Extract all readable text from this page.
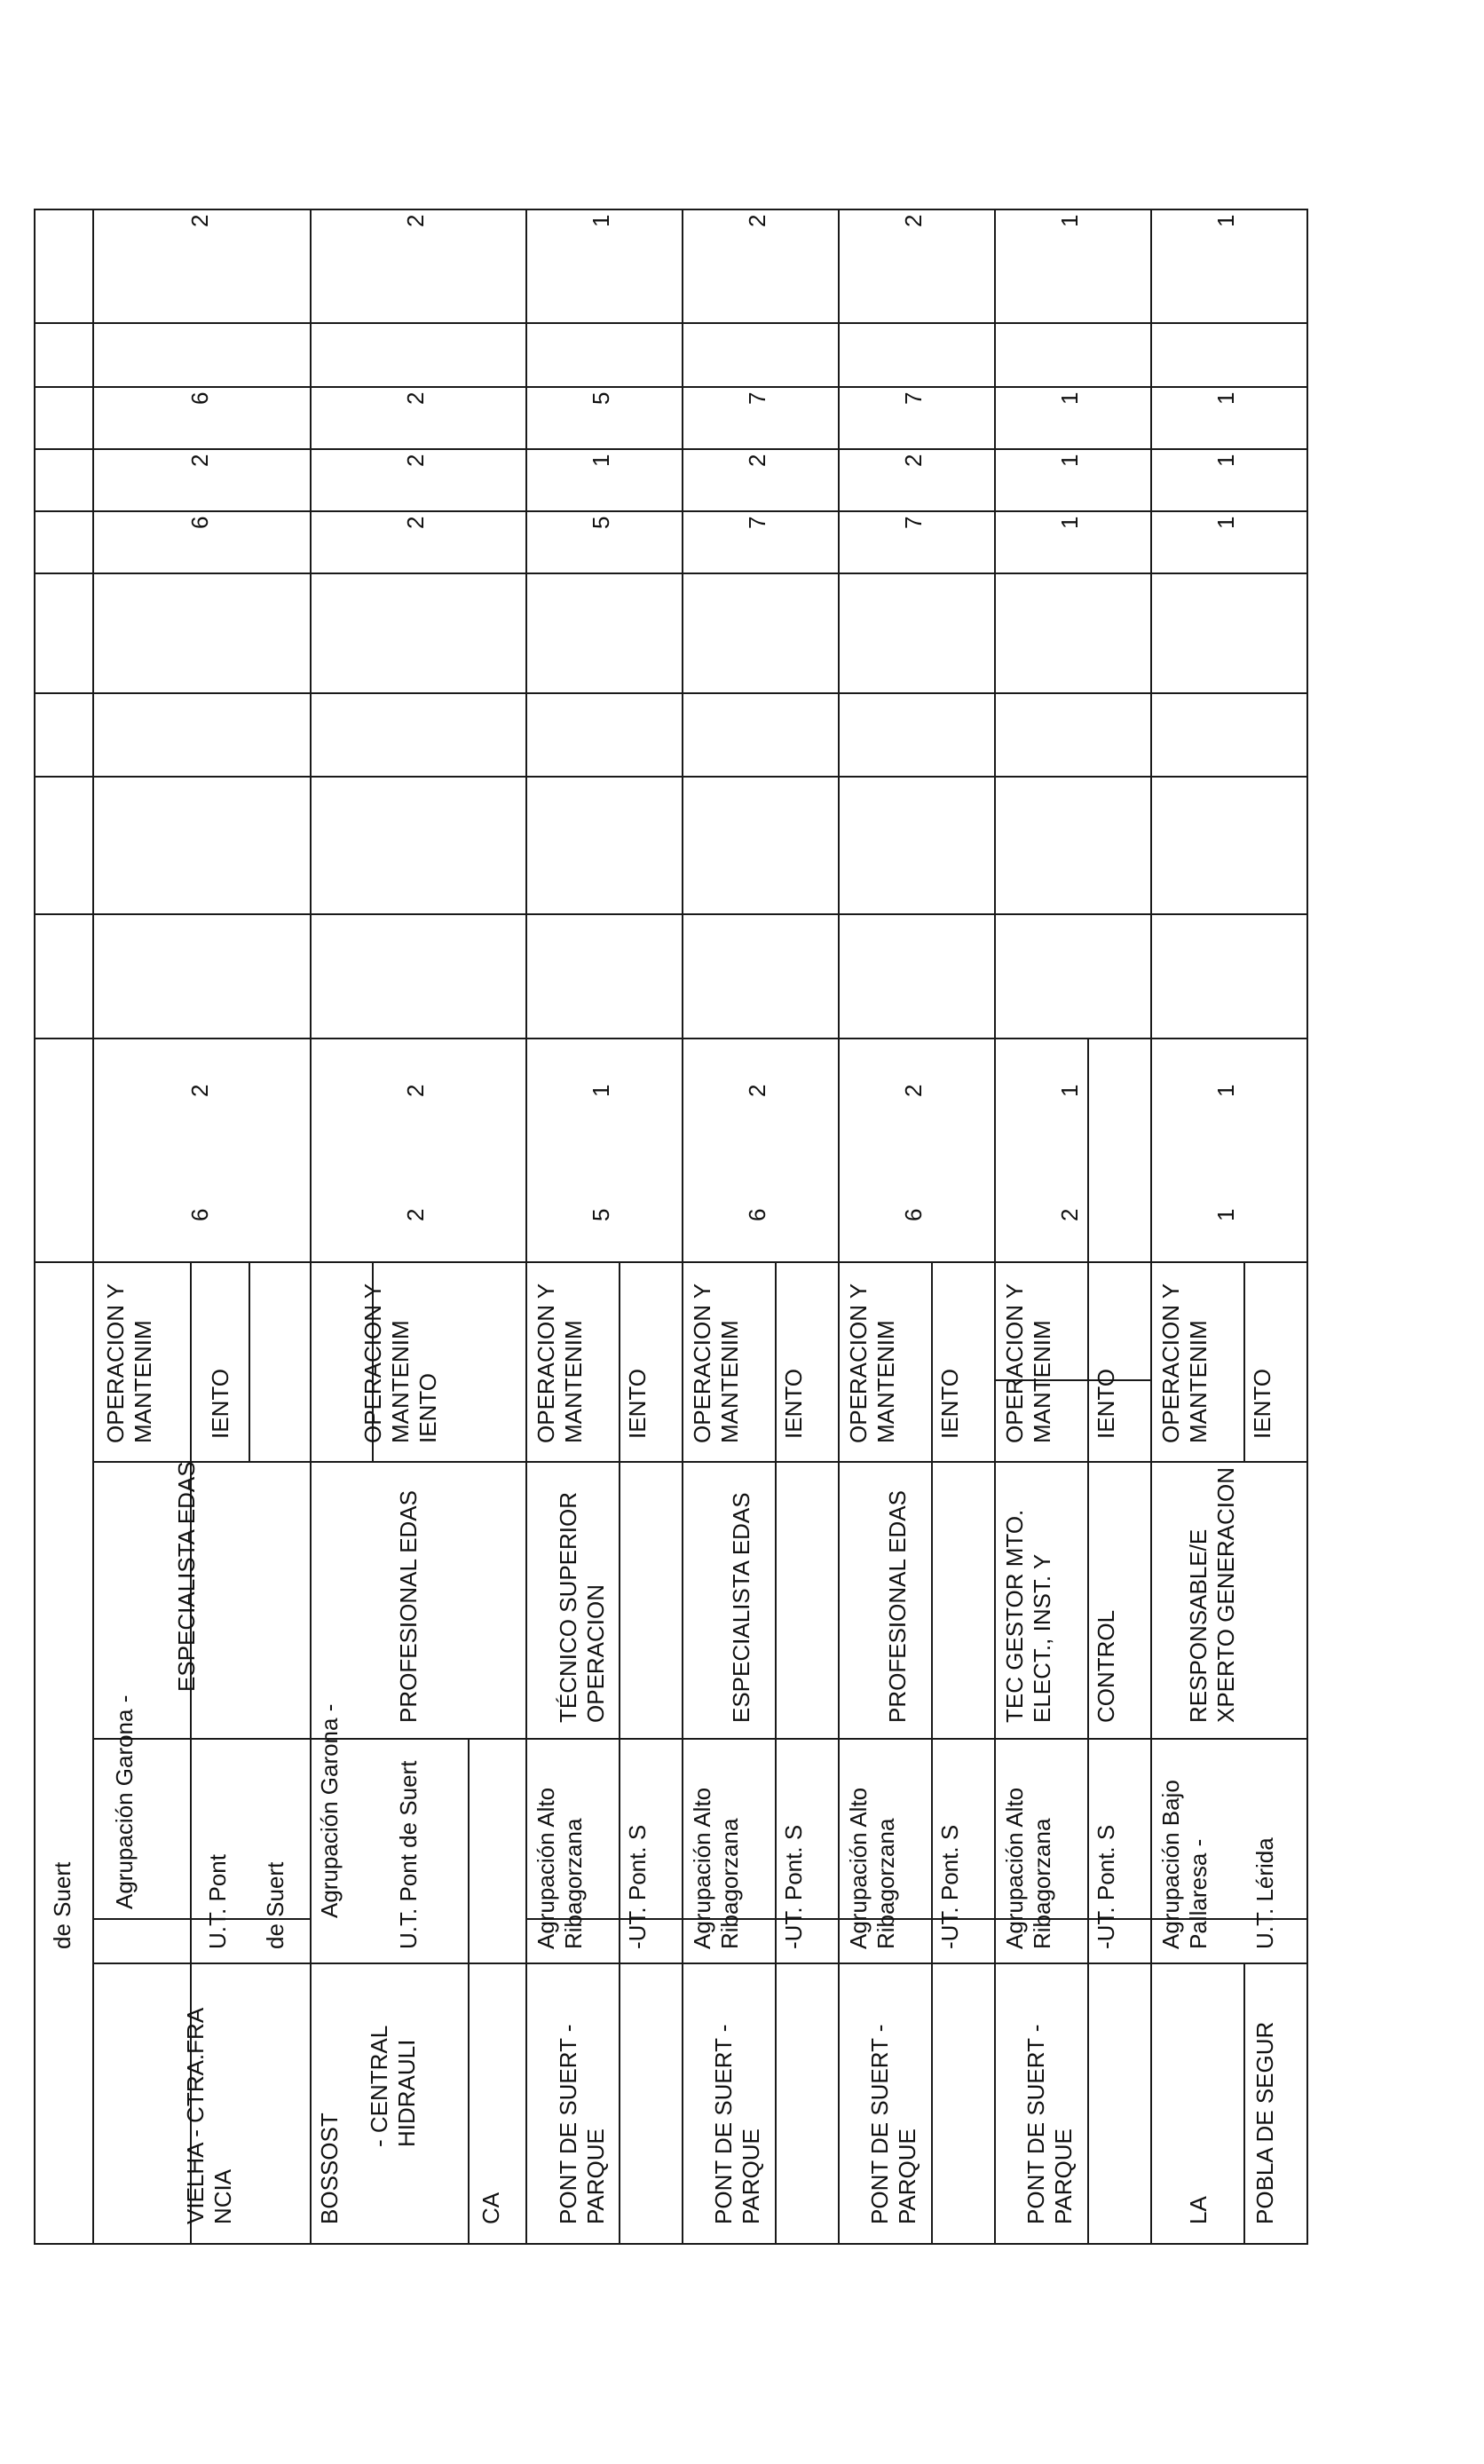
de Suert
VIELHA - CTRA.FRA
NCIA
Agrupación Garona -	U.T. Pont de Suert
ESPECIALISTA EDAS
OPERACION Y
MANTENIM IENTO
6
2
6
2
6
2
BOSSOST - CENTRAL
HIDRAULI
CA
Agrupación Garona - U.T. Pont de Suert
PROFESIONAL EDAS
OPERACION Y
MANTENIM
IENTO
2
2
2
2
2
2
PONT DE SUERT -
PARQUE
Agrupación Alto
Ribagorzana -UT. Pont. S
TÉCNICO SUPERIOR
OPERACION
OPERACION Y
MANTENIM IENTO
5
1
5
1
5
1
PONT DE SUERT -
PARQUE
Agrupación Alto
Ribagorzana -UT. Pont. S
ESPECIALISTA EDAS
OPERACION Y
MANTENIM IENTO
6
2
7
2
7
2
PONT DE SUERT -
PARQUE
Agrupación Alto
Ribagorzana -UT. Pont. S
PROFESIONAL EDAS
OPERACION Y
MANTENIM IENTO
6
2
7
2
7
2
PONT DE SUERT -
PARQUE
Agrupación Alto
Ribagorzana -UT. Pont. S
TEC GESTOR MTO.
ELECT., INST. Y
CONTROL
OPERACION Y
MANTENIM IENTO
2
1
1
1
1
1
LA POBLA DE SEGUR
Agrupación Bajo
Pallaresa - U.T. Lérida
RESPONSABLE/E
XPERTO GENERACION
OPERACION Y
MANTENIM IENTO
1
1
1
1
1
1
